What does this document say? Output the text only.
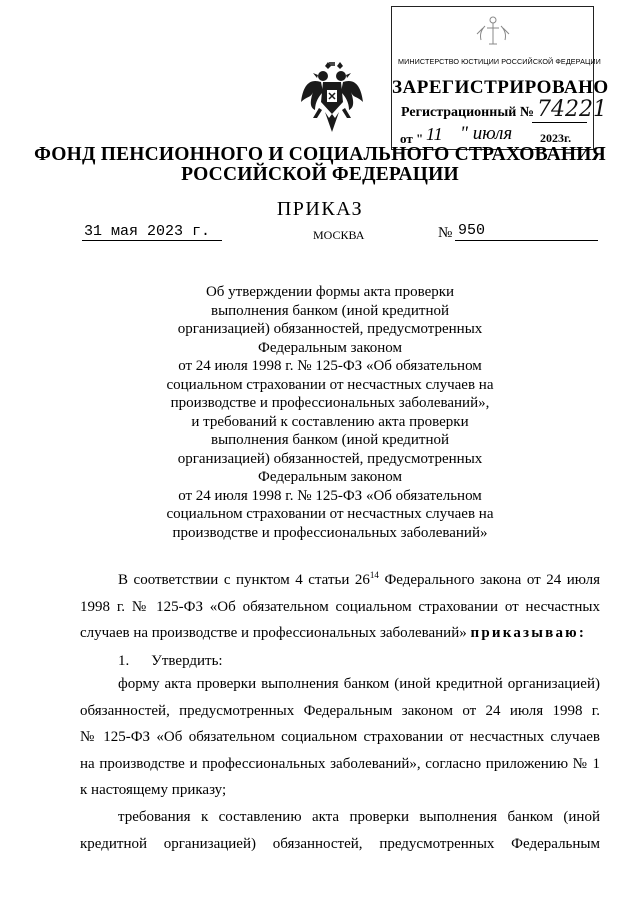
МИНИСТЕРСТВО ЮСТИЦИИ РОССИЙСКОЙ ФЕДЕРАЦИИ
ЗАРЕГИСТРИРОВАНО
Регистрационный № 74221
от " 11 " июля 2023г.
ФОНД ПЕНСИОННОГО И СОЦИАЛЬНОГО СТРАХОВАНИЯ
РОССИЙСКОЙ ФЕДЕРАЦИИ
ПРИКАЗ
31 мая 2023 г.	МОСКВА	№ 950
Об утверждении формы акта проверки
выполнения банком (иной кредитной
организацией) обязанностей, предусмотренных
Федеральным законом
от 24 июля 1998 г. № 125-ФЗ «Об обязательном
социальном страховании от несчастных случаев на
производстве и профессиональных заболеваний»,
и требований к составлению акта проверки
выполнения банком (иной кредитной
организацией) обязанностей, предусмотренных
Федеральным законом
от 24 июля 1998 г. № 125-ФЗ «Об обязательном
социальном страховании от несчастных случаев на
производстве и профессиональных заболеваний»
В соответствии с пунктом 4 статьи $26^{14}$ Федерального закона от 24 июля
1998 г. № 125-ФЗ «Об обязательном социальном страховании от несчастных
случаев на производстве и профессиональных заболеваний» приказываю:
1. Утвердить:
форму акта проверки выполнения банком (иной кредитной организацией)
обязанностей, предусмотренных Федеральным законом от 24 июля 1998 г.
№ 125-ФЗ «Об обязательном социальном страховании от несчастных случаев
на производстве и профессиональных заболеваний», согласно приложению № 1
к настоящему приказу;
требования к составлению акта проверки выполнения банком (иной
кредитной организацией) обязанностей, предусмотренных Федеральным
